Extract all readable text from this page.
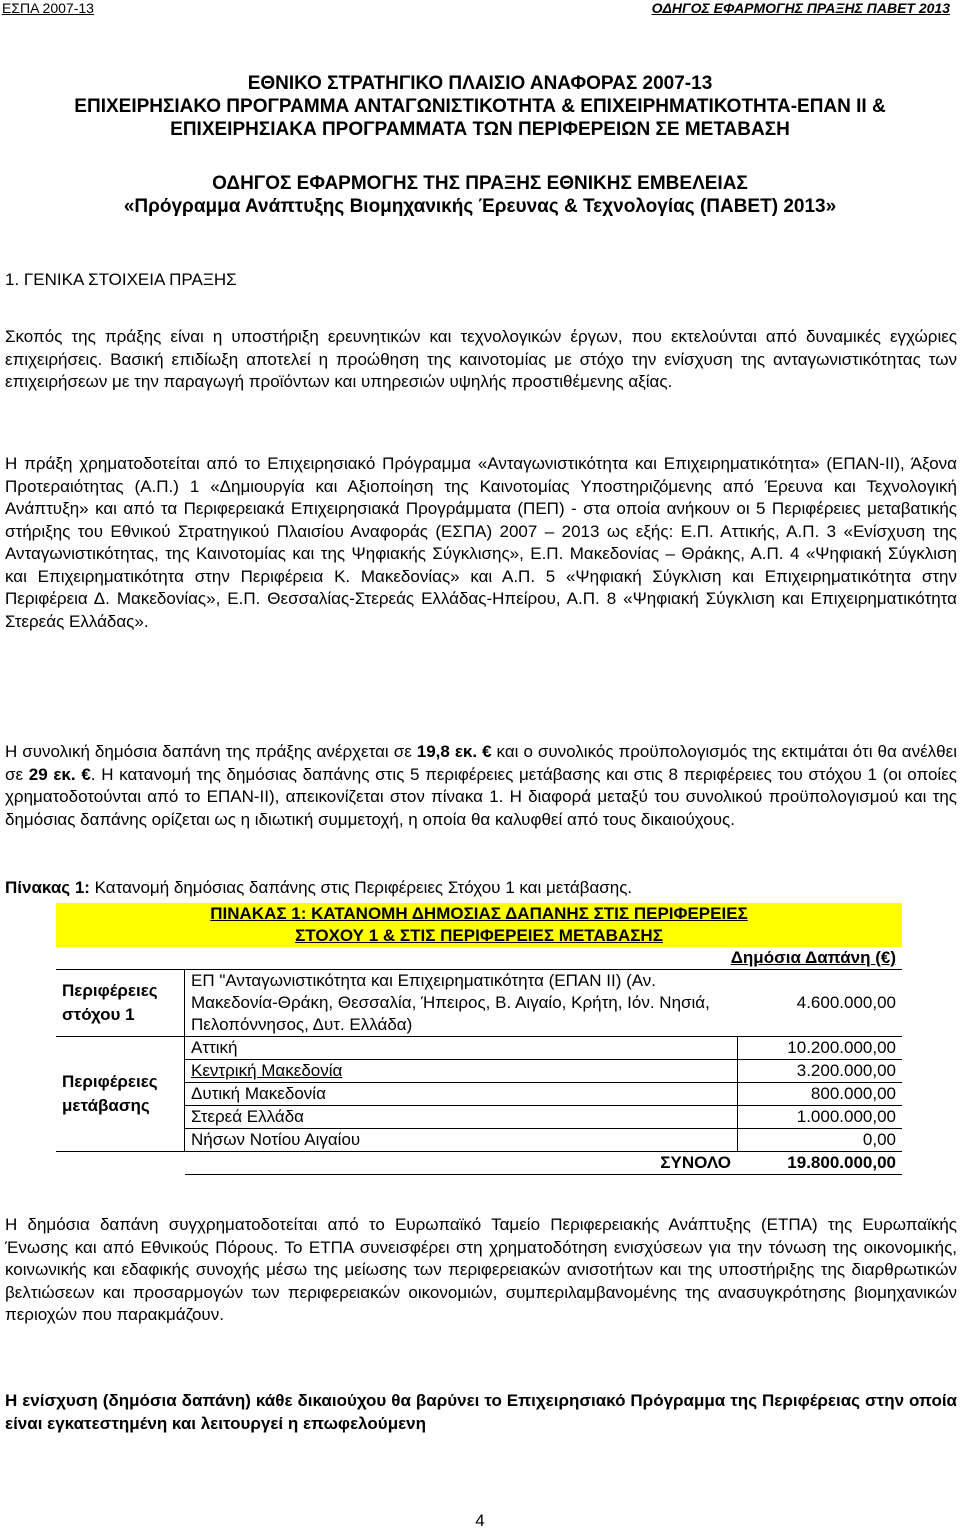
ΕΣΠΑ 2007-13	ΟΔΗΓΟΣ ΕΦΑΡΜΟΓΗΣ ΠΡΑΞΗΣ ΠΑΒΕΤ 2013
ΕΘΝΙΚΟ ΣΤΡΑΤΗΓΙΚΟ ΠΛΑΙΣΙΟ ΑΝΑΦΟΡΑΣ 2007-13
ΕΠΙΧΕΙΡΗΣΙΑΚΟ ΠΡΟΓΡΑΜΜΑ ΑΝΤΑΓΩΝΙΣΤΙΚΟΤΗΤΑ & ΕΠΙΧΕΙΡΗΜΑΤΙΚΟΤΗΤΑ-ΕΠΑΝ ΙΙ &
ΕΠΙΧΕΙΡΗΣΙΑΚΑ ΠΡΟΓΡΑΜΜΑΤΑ ΤΩΝ ΠΕΡΙΦΕΡΕΙΩΝ ΣΕ ΜΕΤΑΒΑΣΗ
ΟΔΗΓΟΣ ΕΦΑΡΜΟΓΗΣ ΤΗΣ ΠΡΑΞΗΣ ΕΘΝΙΚΗΣ ΕΜΒΕΛΕΙΑΣ
«Πρόγραμμα Ανάπτυξης Βιομηχανικής Έρευνας & Τεχνολογίας (ΠΑΒΕΤ) 2013»
1. ΓΕΝΙΚΑ ΣΤΟΙΧΕΙΑ ΠΡΑΞΗΣ

Σκοπός της πράξης είναι η υποστήριξη ερευνητικών και τεχνολογικών έργων, που εκτελούνται από δυναμικές εγχώριες επιχειρήσεις. Βασική επιδίωξη αποτελεί η προώθηση της καινοτομίας με στόχο την ενίσχυση της ανταγωνιστικότητας των επιχειρήσεων με την παραγωγή προϊόντων και υπηρεσιών υψηλής προστιθέμενης αξίας.

Η πράξη χρηματοδοτείται από το Επιχειρησιακό Πρόγραμμα «Ανταγωνιστικότητα και Επιχειρηματικότητα» (ΕΠΑΝ-ΙΙ), Άξονα Προτεραιότητας (Α.Π.) 1 «Δημιουργία και Αξιοποίηση της Καινοτομίας Υποστηριζόμενης από Έρευνα και Τεχνολογική Ανάπτυξη» και από τα Περιφερειακά Επιχειρησιακά Προγράμματα (ΠΕΠ) - στα οποία ανήκουν οι 5 Περιφέρειες μεταβατικής στήριξης του Εθνικού Στρατηγικού Πλαισίου Αναφοράς (ΕΣΠΑ) 2007 – 2013 ως εξής: Ε.Π. Αττικής, Α.Π. 3 «Ενίσχυση της Ανταγωνιστικότητας, της Καινοτομίας και της Ψηφιακής Σύγκλισης», Ε.Π. Μακεδονίας – Θράκης, Α.Π. 4 «Ψηφιακή Σύγκλιση και Επιχειρηματικότητα στην Περιφέρεια Κ. Μακεδονίας» και Α.Π. 5 «Ψηφιακή Σύγκλιση και Επιχειρηματικότητα στην Περιφέρεια Δ. Μακεδονίας», Ε.Π. Θεσσαλίας-Στερεάς Ελλάδας-Ηπείρου, Α.Π. 8 «Ψηφιακή Σύγκλιση και Επιχειρηματικότητα Στερεάς Ελλάδας».

Η συνολική δημόσια δαπάνη της πράξης ανέρχεται σε 19,8 εκ. € και ο συνολικός προϋπολογισμός της εκτιμάται ότι θα ανέλθει σε 29 εκ. €. Η κατανομή της δημόσιας δαπάνης στις 5 περιφέρειες μετάβασης και στις 8 περιφέρειες του στόχου 1 (οι οποίες χρηματοδοτούνται από το ΕΠΑΝ-ΙΙ), απεικονίζεται στον πίνακα 1. Η διαφορά μεταξύ του συνολικού προϋπολογισμού και της δημόσιας δαπάνης ορίζεται ως η ιδιωτική συμμετοχή, η οποία θα καλυφθεί από τους δικαιούχους.

Πίνακας 1: Κατανομή δημόσιας δαπάνης στις Περιφέρειες Στόχου 1 και μετάβασης.
ΠΙΝΑΚΑΣ 1: ΚΑΤΑΝΟΜΗ ΔΗΜΟΣΙΑΣ ΔΑΠΑΝΗΣ ΣΤΙΣ ΠΕΡΙΦΕΡΕΙΕΣ
ΣΤΟΧΟΥ 1 & ΣΤΙΣ ΠΕΡΙΦΕΡΕΙΕΣ ΜΕΤΑΒΑΣΗΣ		

Δημόσια Δαπάνη (€)		
Περιφέρειες στόχου 1	ΕΠ "Ανταγωνιστικότητα και Επιχειρηματικότητα (ΕΠΑΝ ΙΙ) (Αν. Μακεδονία-Θράκη, Θεσσαλία, Ήπειρος, Β. Αιγαίο, Κρήτη, Ιόν. Νησιά, Πελοπόννησος, Δυτ. Ελλάδα)	4.600.000,00
Περιφέρειες μετάβασης	Αττική	10.200.000,00
	Κεντρική Μακεδονία	3.200.000,00
	Δυτική Μακεδονία	800.000,00
	Στερεά Ελλάδα	1.000.000,00
	Νήσων Νοτίου Αιγαίου	0,00
	ΣΥΝΟΛΟ	19.800.000,00

Η δημόσια δαπάνη συγχρηματοδοτείται από το Ευρωπαϊκό Ταμείο Περιφερειακής Ανάπτυξης (ΕΤΠΑ) της Ευρωπαϊκής Ένωσης και από Εθνικούς Πόρους. Το ΕΤΠΑ συνεισφέρει στη χρηματοδότηση ενισχύσεων για την τόνωση της οικονομικής, κοινωνικής και εδαφικής συνοχής μέσω της μείωσης των περιφερειακών ανισοτήτων και της υποστήριξης της διαρθρωτικών βελτιώσεων και προσαρμογών των περιφερειακών οικονομιών, συμπεριλαμβανομένης της ανασυγκρότησης βιομηχανικών περιοχών που παρακμάζουν.

Η ενίσχυση (δημόσια δαπάνη) κάθε δικαιούχου θα βαρύνει το Επιχειρησιακό Πρόγραμμα της Περιφέρειας στην οποία είναι εγκατεστημένη και λειτουργεί η επωφελούμενη

4
